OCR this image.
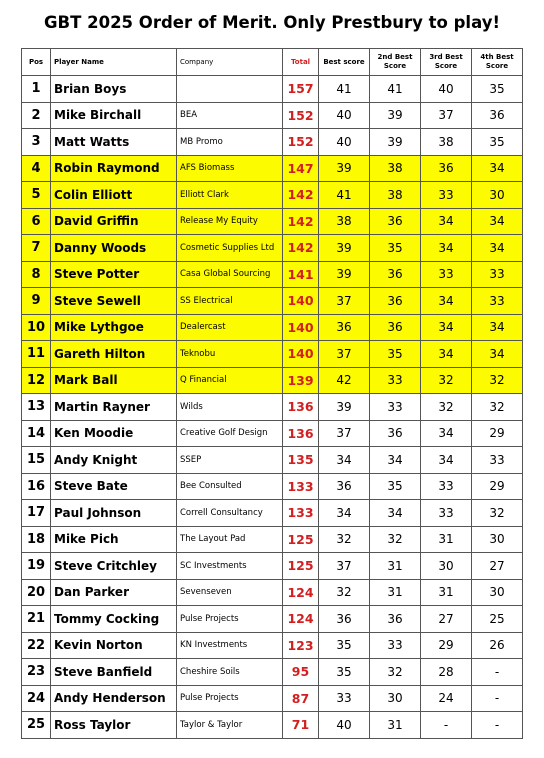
GBT 2025 Order of Merit. Only Prestbury to play!
Pos	Player Name	Company	Total	Best score	2nd Best Score	3rd Best Score	4th Best Score
1	Brian Boys		157	41	41	40	35
2	Mike Birchall	BEA	152	40	39	37	36
3	Matt Watts	MB Promo	152	40	39	38	35
4	Robin Raymond	AFS Biomass	147	39	38	36	34
5	Colin Elliott	Elliott Clark	142	41	38	33	30
6	David Griffin	Release My Equity	142	38	36	34	34
7	Danny Woods	Cosmetic Supplies Ltd	142	39	35	34	34
8	Steve Potter	Casa Global Sourcing	141	39	36	33	33
9	Steve Sewell	SS Electrical	140	37	36	34	33
10	Mike Lythgoe	Dealercast	140	36	36	34	34
11	Gareth Hilton	Teknobu	140	37	35	34	34
12	Mark Ball	Q Financial	139	42	33	32	32
13	Martin Rayner	Wilds	136	39	33	32	32
14	Ken Moodie	Creative Golf Design	136	37	36	34	29
15	Andy Knight	SSEP	135	34	34	34	33
16	Steve Bate	Bee Consulted	133	36	35	33	29
17	Paul Johnson	Correll Consultancy	133	34	34	33	32
18	Mike Pich	The Layout Pad	125	32	32	31	30
19	Steve Critchley	SC Investments	125	37	31	30	27
20	Dan Parker	Sevenseven	124	32	31	31	30
21	Tommy Cocking	Pulse Projects	124	36	36	27	25
22	Kevin Norton	KN Investments	123	35	33	29	26
23	Steve Banfield	Cheshire Soils	95	35	32	28	-
24	Andy Henderson	Pulse Projects	87	33	30	24	-
25	Ross Taylor	Taylor & Taylor	71	40	31	-	-
